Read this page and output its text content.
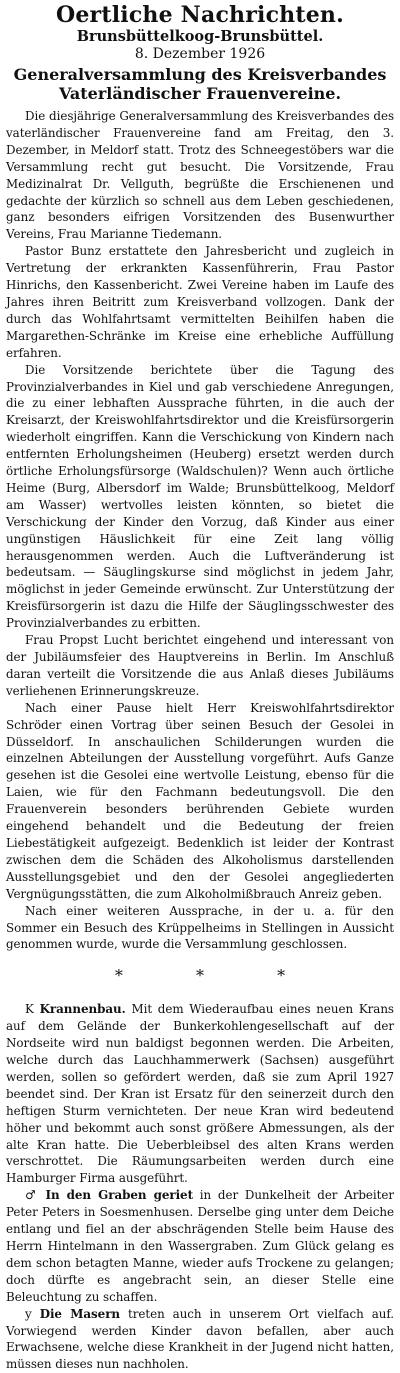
Oertliche Nachrichten.
Brunsbüttelkoog-Brunsbüttel.
8. Dezember 1926
Generalversammlung des Kreisverbandes
Vaterländischer Frauenvereine.

Die diesjährige Generalversammlung des Kreisverbandes des vaterländischer Frauenvereine fand am Freitag, den 3. Dezember, in Meldorf statt. Trotz des Schneegestöbers war die Versammlung recht gut besucht. Die Vorsitzende, Frau Medizinalrat Dr. Vellguth, begrüßte die Erschienenen und gedachte der kürzlich so schnell aus dem Leben geschiedenen, ganz besonders eifrigen Vorsitzenden des Busenwurther Vereins, Frau Marianne Tiedemann.

Pastor Bunz erstattete den Jahresbericht und zugleich in Vertretung der erkrankten Kassenführerin, Frau Pastor Hinrichs, den Kassenbericht. Zwei Vereine haben im Laufe des Jahres ihren Beitritt zum Kreisverband vollzogen. Dank der durch das Wohlfahrtsamt vermittelten Beihilfen haben die Margarethen-Schränke im Kreise eine erhebliche Auffüllung erfahren.

Die Vorsitzende berichtete über die Tagung des Provinzialverbandes in Kiel und gab verschiedene Anregungen, die zu einer lebhaften Aussprache führten, in die auch der Kreisarzt, der Kreiswohlfahrtsdirektor und die Kreisfürsorgerin wiederholt eingriffen. Kann die Verschickung von Kindern nach entfernten Erholungsheimen (Heuberg) ersetzt werden durch örtliche Erholungsfürsorge (Waldschulen)? Wenn auch örtliche Heime (Burg, Albersdorf im Walde; Brunsbüttelkoog, Meldorf am Wasser) wertvolles leisten könnten, so bietet die Verschickung der Kinder den Vorzug, daß Kinder aus einer ungünstigen Häuslichkeit für eine Zeit lang völlig herausgenommen werden. Auch die Luftveränderung ist bedeutsam. — Säuglingskurse sind möglichst in jedem Jahr, möglichst in jeder Gemeinde erwünscht. Zur Unterstützung der Kreisfürsorgerin ist dazu die Hilfe der Säuglingsschwester des Provinzialverbandes zu erbitten.

Frau Propst Lucht berichtet eingehend und interessant von der Jubiläumsfeier des Hauptvereins in Berlin. Im Anschluß daran verteilt die Vorsitzende die aus Anlaß dieses Jubiläums verliehenen Erinnerungskreuze.

Nach einer Pause hielt Herr Kreiswohlfahrtsdirektor Schröder einen Vortrag über seinen Besuch der Gesolei in Düsseldorf. In anschaulichen Schilderungen wurden die einzelnen Abteilungen der Ausstellung vorgeführt. Aufs Ganze gesehen ist die Gesolei eine wertvolle Leistung, ebenso für die Laien, wie für den Fachmann bedeutungsvoll. Die den Frauenverein besonders berührenden Gebiete wurden eingehend behandelt und die Bedeutung der freien Liebestätigkeit aufgezeigt. Bedenklich ist leider der Kontrast zwischen dem die Schäden des Alkoholismus darstellenden Ausstellungsgebiet und den der Gesolei angegliederten Vergnügungsstätten, die zum Alkoholmißbrauch Anreiz geben.

Nach einer weiteren Aussprache, in der u. a. für den Sommer ein Besuch des Krüppelheims in Stellingen in Aussicht genommen wurde, wurde die Versammlung geschlossen.

* * *

K Krannenbau. Mit dem Wiederaufbau eines neuen Krans auf dem Gelände der Bunkerkohlengesellschaft auf der Nordseite wird nun baldigst begonnen werden. Die Arbeiten, welche durch das Lauchhammerwerk (Sachsen) ausgeführt werden, sollen so gefördert werden, daß sie zum April 1927 beendet sind. Der Kran ist Ersatz für den seinerzeit durch den heftigen Sturm vernichteten. Der neue Kran wird bedeutend höher und bekommt auch sonst größere Abmessungen, als der alte Kran hatte. Die Ueberbleibsel des alten Krans werden verschrottet. Die Räumungsarbeiten werden durch eine Hamburger Firma ausgeführt.

♂ In den Graben geriet in der Dunkelheit der Arbeiter Peter Peters in Soesmenhusen. Derselbe ging unter dem Deiche entlang und fiel an der abschrägenden Stelle beim Hause des Herrn Hintelmann in den Wassergraben. Zum Glück gelang es dem schon betagten Manne, wieder aufs Trockene zu gelangen; doch dürfte es angebracht sein, an dieser Stelle eine Beleuchtung zu schaffen.

y Die Masern treten auch in unserem Ort vielfach auf. Vorwiegend werden Kinder davon befallen, aber auch Erwachsene, welche diese Krankheit in der Jugend nicht hatten, müssen dieses nun nachholen.
